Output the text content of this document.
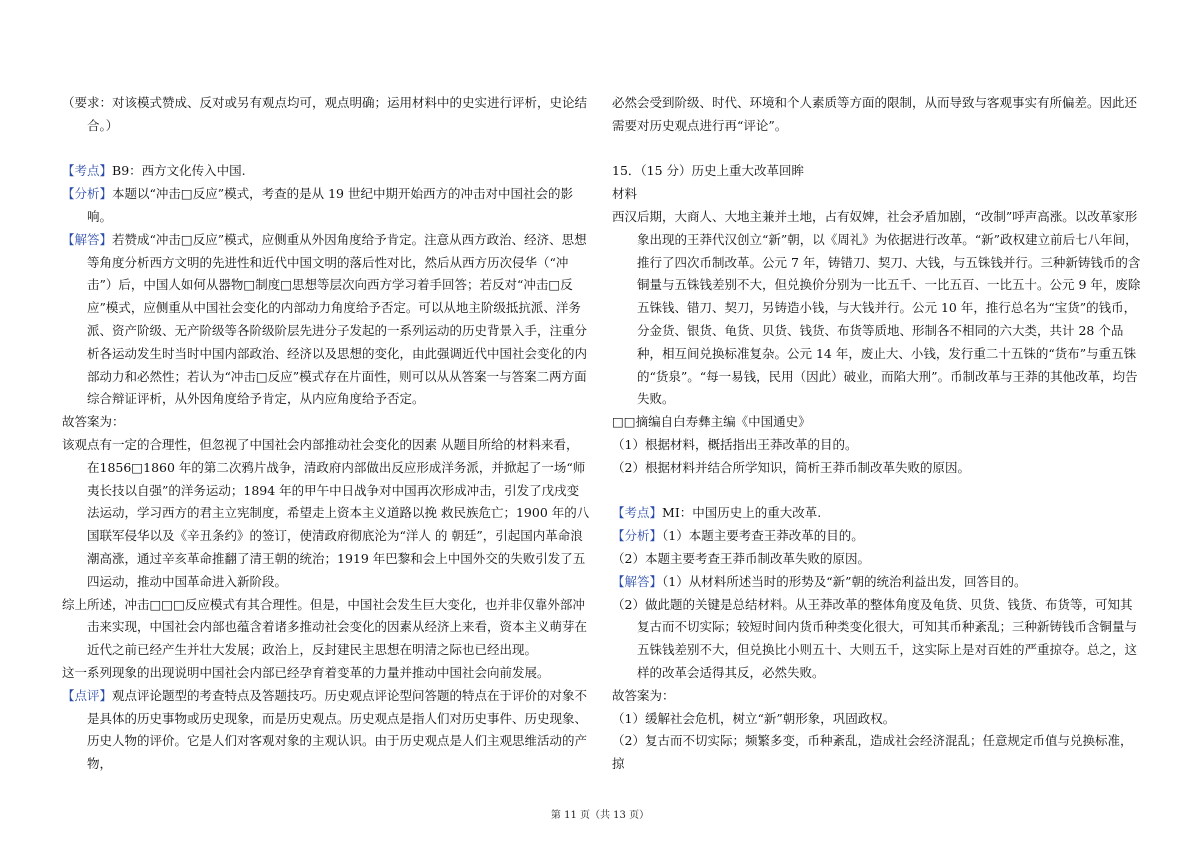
（要求：对该模式赞成、反对或另有观点均可，观点明确；运用材料中的史实进行评析，史论结合。）

【考点】B9：西方文化传入中国.

【分析】本题以“冲击□反应”模式，考查的是从 19 世纪中期开始西方的冲击对中国社会的影响。

【解答】若赞成“冲击□反应”模式，应侧重从外因角度给予肯定。注意从西方政治、经济、思想等角度分析西方文明的先进性和近代中国文明的落后性对比，然后从西方历次侵华（“冲击”）后，中国人如何从器物□制度□思想等层次向西方学习着手回答；若反对“冲击□反应”模式，应侧重从中国社会变化的内部动力角度给予否定。可以从地主阶级抵抗派、洋务派、资产阶级、无产阶级等各阶级阶层先进分子发起的一系列运动的历史背景入手，注重分析各运动发生时当时中国内部政治、经济以及思想的变化，由此强调近代中国社会变化的内部动力和必然性；若认为“冲击□反应”模式存在片面性，则可以从从答案一与答案二两方面综合辩证评析，从外因角度给予肯定，从内应角度给予否定。

故答案为：

该观点有一定的合理性，但忽视了中国社会内部推动社会变化的因素 从题目所给的材料来看，在1856□1860 年的第二次鸦片战争，清政府内部做出反应形成洋务派，并掀起了一场“师夷长技以自强”的洋务运动；1894 年的甲午中日战争对中国再次形成冲击，引发了戊戌变法运动，学习西方的君主立宪制度，希望走上资本主义道路以挽 救民族危亡；1900 年的八国联军侵华以及《辛丑条约》的签订，使清政府彻底沦为“洋人 的 朝廷”，引起国内革命浪潮高涨，通过辛亥革命推翻了清王朝的统治；1919 年巴黎和会上中国外交的失败引发了五四运动，推动中国革命进入新阶段。

综上所述，冲击□□□反应模式有其合理性。但是，中国社会发生巨大变化，也并非仅靠外部冲击来实现，中国社会内部也蕴含着诸多推动社会变化的因素从经济上来看，资本主义萌芽在近代之前已经产生并壮大发展；政治上，反封建民主思想在明清之际也已经出现。

这一系列现象的出现说明中国社会内部已经孕育着变革的力量并推动中国社会向前发展。

【点评】观点评论题型的考查特点及答题技巧。历史观点评论型问答题的特点在于评价的对象不是具体的历史事物或历史现象，而是历史观点。历史观点是指人们对历史事件、历史现象、历史人物的评价。它是人们对客观对象的主观认识。由于历史观点是人们主观思维活动的产物，

必然会受到阶级、时代、环境和个人素质等方面的限制，从而导致与客观事实有所偏差。因此还需要对历史观点进行再“评论”。

15．（15 分）历史上重大改革回眸

材料

西汉后期，大商人、大地主兼并土地，占有奴婢，社会矛盾加剧，“改制”呼声高涨。以改革家形象出现的王莽代汉创立“新”朝，以《周礼》为依据进行改革。“新”政权建立前后七八年间，推行了四次币制改革。公元 7 年，铸错刀、契刀、大钱，与五铢钱并行。三种新铸钱币的含铜量与五铢钱差别不大，但兑换价分别为一比五千、一比五百、一比五十。公元 9 年，废除五铢钱、错刀、契刀，另铸造小钱，与大钱并行。公元 10 年，推行总名为“宝货”的钱币，分金货、银货、龟货、贝货、钱货、布货等质地、形制各不相同的六大类，共计 28 个品种，相互间兑换标准复杂。公元 14 年，废止大、小钱，发行重二十五铢的“货布”与重五铢的“货泉”。“每一易钱，民用（因此）破业，而陷大刑”。币制改革与王莽的其他改革，均告失败。

□□摘编自白寿彝主编《中国通史》

（1）根据材料，概括指出王莽改革的目的。

（2）根据材料并结合所学知识，简析王莽币制改革失败的原因。

【考点】MI：中国历史上的重大改革.

【分析】（1）本题主要考查王莽改革的目的。

（2）本题主要考查王莽币制改革失败的原因。

【解答】（1）从材料所述当时的形势及“新”朝的统治利益出发，回答目的。

（2）做此题的关键是总结材料。从王莽改革的整体角度及龟货、贝货、钱货、布货等，可知其复古而不切实际；较短时间内货币种类变化很大，可知其币种紊乱；三种新铸钱币含铜量与五铢钱差别不大，但兑换比小则五十、大则五千，这实际上是对百姓的严重掠夺。总之，这样的改革会适得其反，必然失败。

故答案为：

（1）缓解社会危机，树立“新”朝形象，巩固政权。

（2）复古而不切实际；频繁多变，币种紊乱，造成社会经济混乱；任意规定币值与兑换标准，掠

第 11 页（共 13 页）
